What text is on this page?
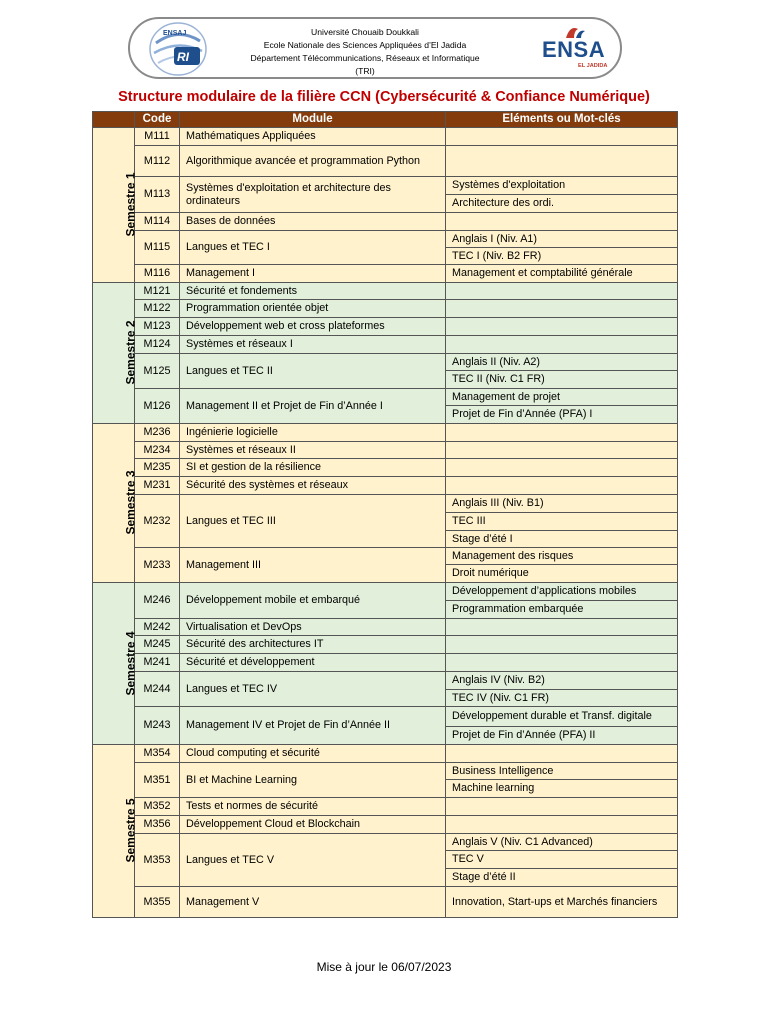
ENSAJ
RI
Université Chouaib Doukkali
Ecole Nationale des Sciences Appliquées d’El Jadida
Département Télécommunications, Réseaux et Informatique (TRI)
ENSA
EL JADIDA
Structure modulaire de la filière CCN (Cybersécurité & Confiance Numérique)
	Code	Module	Eléments ou Mot-clés
Semestre 1	M111	Mathématiques Appliquées	
	M112	Algorithmique avancée et programmation Python	
	M113	Systèmes d'exploitation et architecture des ordinateurs	Systèmes d'exploitation
			Architecture des ordi.
	M114	Bases de données	
	M115	Langues et TEC I	Anglais I (Niv. A1)
			TEC I (Niv. B2 FR)
	M116	Management I	Management et comptabilité générale
Semestre 2	M121	Sécurité et fondements	
	M122	Programmation orientée objet	
	M123	Développement web et cross plateformes	
	M124	Systèmes et réseaux I	
	M125	Langues et TEC II	Anglais II (Niv. A2)
			TEC II (Niv. C1 FR)
	M126	Management II et Projet de Fin d’Année I	Management de projet
			Projet de Fin d’Année (PFA) I
Semestre 3	M236	Ingénierie logicielle	
	M234	Systèmes et réseaux II	
	M235	SI et gestion de la résilience	
	M231	Sécurité des systèmes et réseaux	
	M232	Langues et TEC III	Anglais III (Niv. B1)
			TEC III
			Stage d’été I
	M233	Management III	Management des risques
			Droit numérique
Semestre 4	M246	Développement mobile et embarqué	Développement d’applications mobiles
			Programmation embarquée
	M242	Virtualisation et DevOps	
	M245	Sécurité des architectures IT	
	M241	Sécurité et développement	
	M244	Langues et TEC IV	Anglais IV (Niv. B2)
			TEC IV (Niv. C1 FR)
	M243	Management IV et Projet de Fin d’Année II	Développement durable et Transf. digitale
			Projet de Fin d’Année (PFA) II
Semestre 5	M354	Cloud computing et sécurité	
	M351	BI et Machine Learning	Business Intelligence
			Machine learning
	M352	Tests et normes de sécurité	
	M356	Développement Cloud et Blockchain	
	M353	Langues et TEC V	Anglais V (Niv. C1 Advanced)
			TEC V
			Stage d’été II
	M355	Management V	Innovation, Start-ups et Marchés financiers
Mise à jour le 06/07/2023
